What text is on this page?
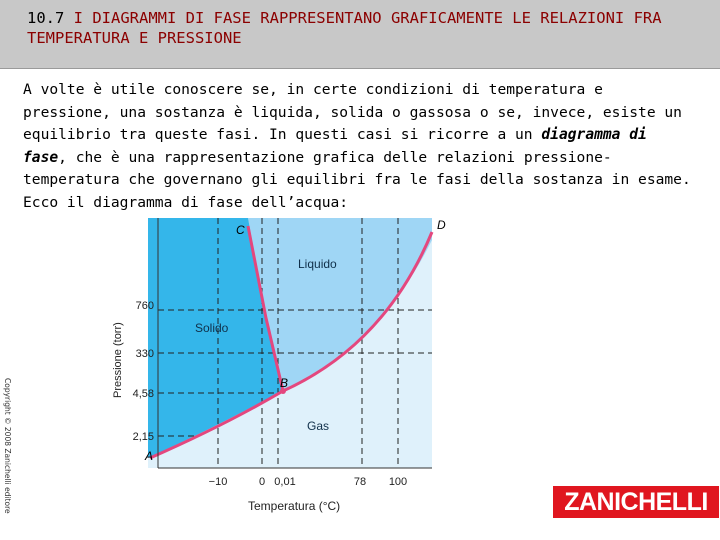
10.7 I DIAGRAMMI DI FASE RAPPRESENTANO GRAFICAMENTE LE RELAZIONI FRA TEMPERATURA E PRESSIONE
A volte è utile conoscere se, in certe condizioni di temperatura e pressione, una sostanza è liquida, solida o gassosa o se, invece, esiste un equilibrio tra queste fasi. In questi casi si ricorre a un diagramma di fase, che è una rappresentazione grafica delle relazioni pressione-temperatura che governano gli equilibri fra le fasi della sostanza in esame. Ecco il diagramma di fase dell’acqua:
Copyright © 2008 Zanichelli editore
Solido
Liquido
Gas
A
B
C	D
760
330
4,58
2,15
−10	0 0,01	78 100
Pressione (torr)
Temperatura (°C)	ZANICHELLI
